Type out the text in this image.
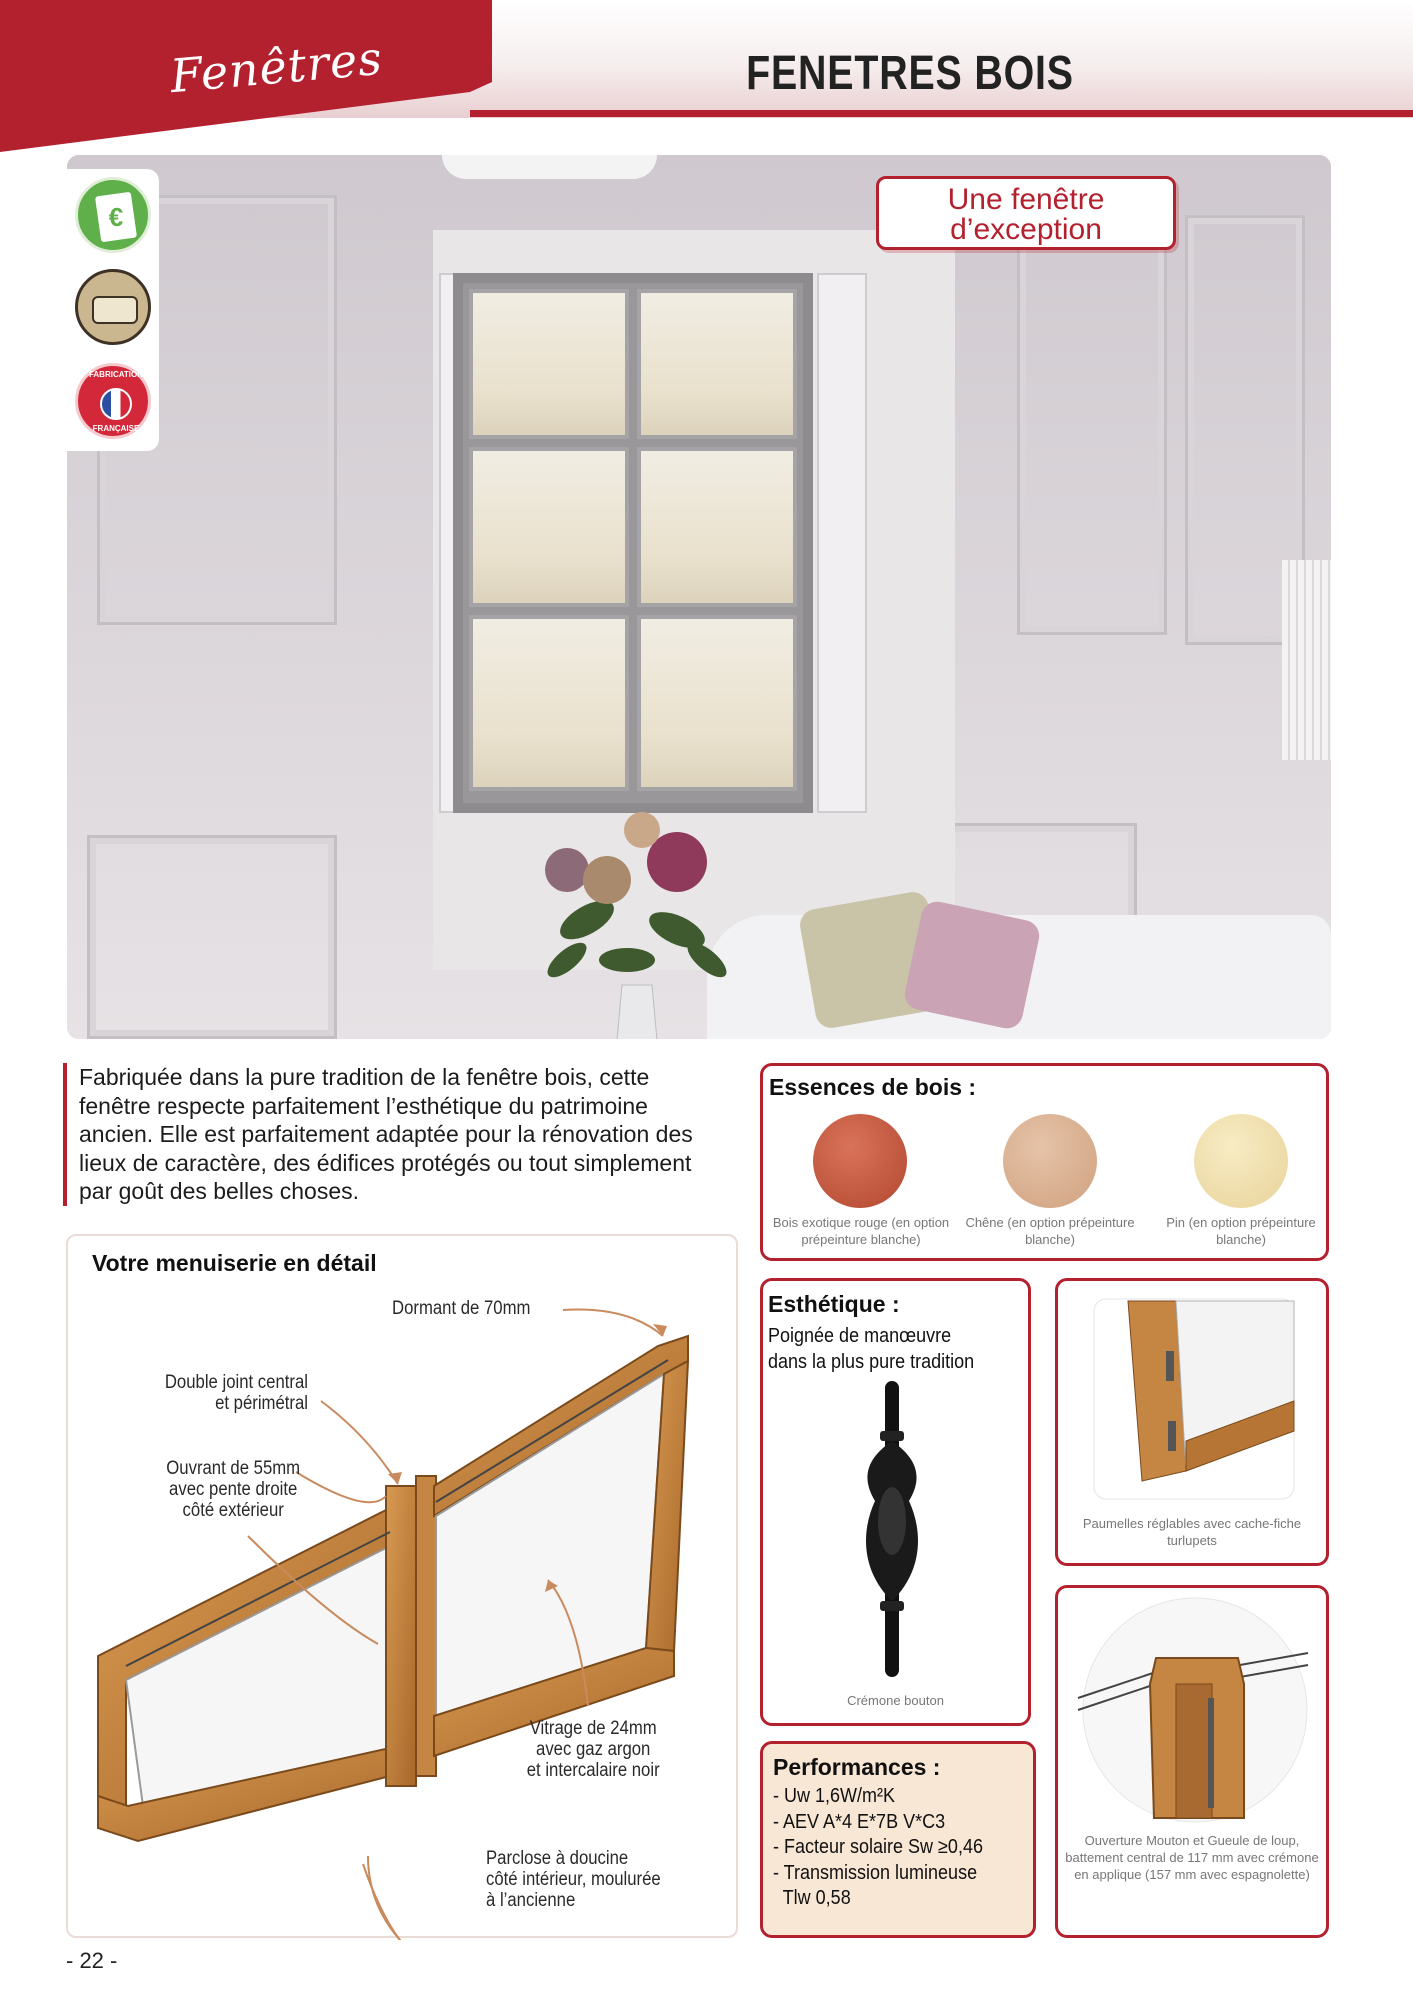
Fenêtres	FENETRES BOIS
€
FABRICATION
FRANÇAISE
Une fenêtre d’exception
Fabriquée dans la pure tradition de la fenêtre bois, cette fenêtre respecte parfaitement l’esthétique du patrimoine ancien. Elle est parfaitement adaptée pour la rénovation des lieux de caractère, des édifices protégés ou tout simplement par goût des belles choses.
Votre menuiserie en détail
Dormant de 70mm
Double joint central
et périmétral
Ouvrant de 55mm
avec pente droite
côté extérieur
Vitrage de 24mm
avec gaz argon
et intercalaire noir
Parclose à doucine
côté intérieur, moulurée
à l’ancienne
Essences de bois :
Bois exotique rouge (en option prépeinture blanche)
Chêne (en option prépeinture blanche)
Pin (en option prépeinture blanche)
Esthétique :
Poignée de manœuvre
dans la plus pure tradition
Crémone bouton
Paumelles réglables avec cache-fiche turlupets
Ouverture Mouton et Gueule de loup, battement central de 117 mm avec crémone en applique (157 mm avec espagnolette)
Performances :
- Uw 1,6W/m²K
- AEV A*4 E*7B V*C3
- Facteur solaire Sw ≥0,46
- Transmission lumineuse
Tlw 0,58
- 22 -
